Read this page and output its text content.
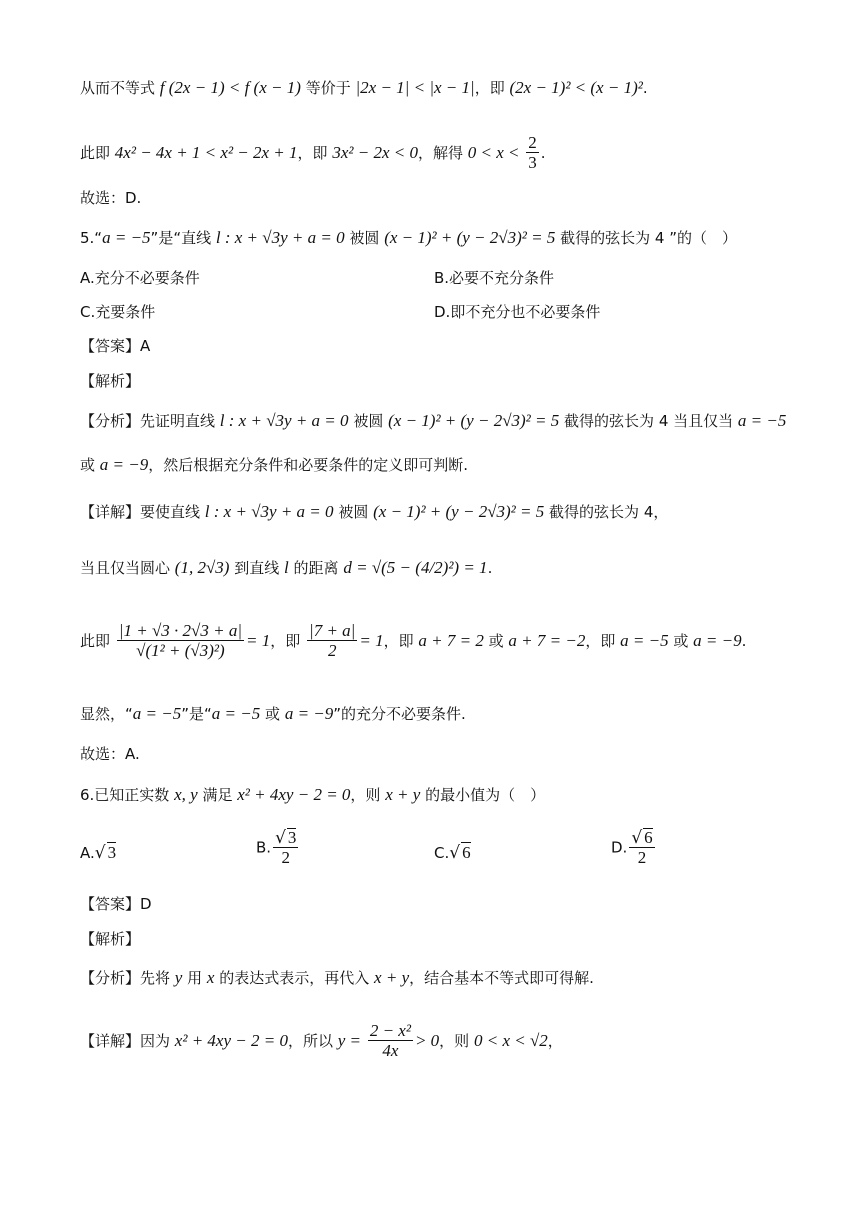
从而不等式 f (2x − 1) < f (x − 1) 等价于 |2x − 1| < |x − 1|，即 (2x − 1)² < (x − 1)².
此即 4x² − 4x + 1 < x² − 2x + 1，即 3x² − 2x < 0，解得 $0 < x < \frac{2}{3}$ .
故选：D.
5.“a = −5”是“直线 l : x + √3y + a = 0 被圆 (x − 1)² + (y − 2√3)² = 5 截得的弦长为 4 ”的（　）
A.充分不必要条件	B.必要不充分条件
C.充要条件	D.即不充分也不必要条件
【答案】A
【解析】
【分析】先证明直线 l : x + √3y + a = 0 被圆 (x − 1)² + (y − 2√3)² = 5 截得的弦长为 4 当且仅当 a = −5
或 a = −9，然后根据充分条件和必要条件的定义即可判断.
【详解】要使直线 l : x + √3y + a = 0 被圆 (x − 1)² + (y − 2√3)² = 5 截得的弦长为 4，
当且仅当圆心 (1, 2√3) 到直线 l 的距离 d = √(5 − (4/2)²) = 1.
此即 $\frac{|1 + √3 \cdot 2√3 + a|}{\text{√(1² + (√3)²)}} = 1$，即 $\frac{|7 + a|}{2} = 1$，即 a + 7 = 2 或 a + 7 = −2，即 a = −5 或 a = −9.
显然，“a = −5”是“a = −5 或 a = −9”的充分不必要条件.
故选：A.
6.已知正实数 x, y 满足 x² + 4xy − 2 = 0，则 x + y 的最小值为（　）
A.√ 3	B. $\frac{√ 3}{2}$	C.√ 6	D. $\frac{√ 6}{2}$
【答案】D
【解析】
【分析】先将 y 用 x 的表达式表示，再代入 x + y，结合基本不等式即可得解.
【详解】因为 x² + 4xy − 2 = 0，所以 $y = \frac{\text{2 − x²}}{4x} > 0$，则 0 < x < √2，
